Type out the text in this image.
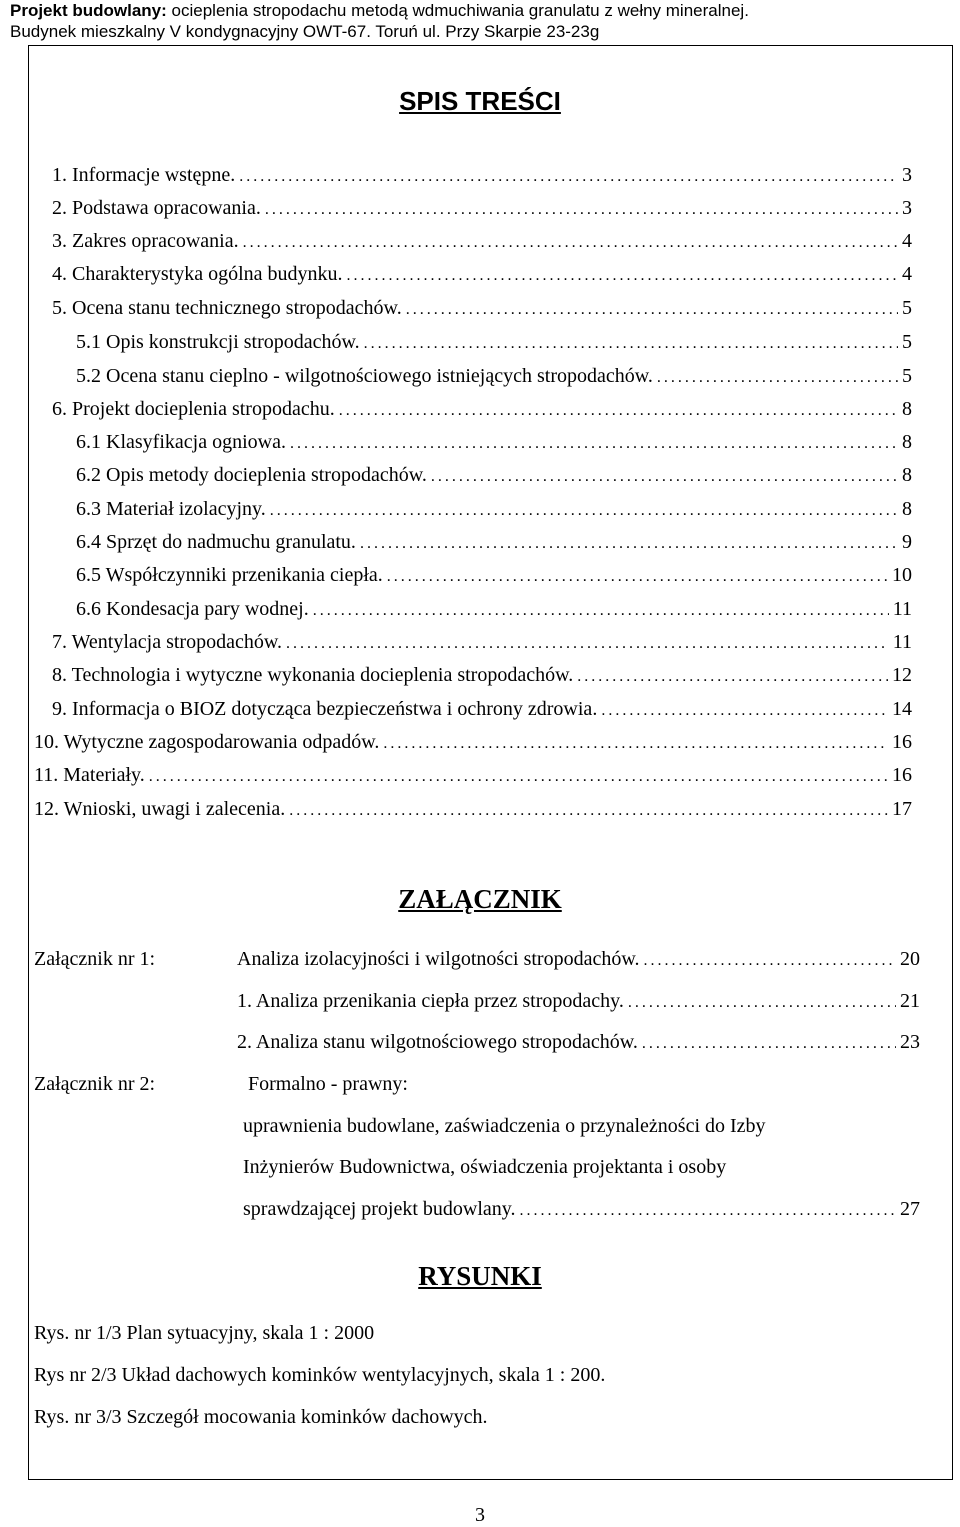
Projekt budowlany: ocieplenia stropodachu metodą wdmuchiwania granulatu z wełny mineralnej.
Budynek mieszkalny V kondygnacyjny OWT-67. Toruń ul. Przy Skarpie 23-23g
SPIS TREŚCI
1. Informacje wstępne. .....	3
2. Podstawa opracowania. .....	3
3. Zakres opracowania. .....	4
4. Charakterystyka ogólna budynku. .....	4
5. Ocena stanu technicznego stropodachów. .....	5
5.1 Opis konstrukcji stropodachów. .....	5
5.2 Ocena stanu cieplno - wilgotnościowego istniejących stropodachów. .....	5
6. Projekt docieplenia stropodachu. .....	8
6.1 Klasyfikacja ogniowa. .....	8
6.2 Opis metody docieplenia stropodachów. .....	8
6.3 Materiał izolacyjny. .....	8
6.4 Sprzęt do nadmuchu granulatu. .....	9
6.5 Współczynniki przenikania ciepła. .....	10
6.6 Kondesacja pary wodnej. .....	11
7. Wentylacja stropodachów. .....	11
8. Technologia i wytyczne wykonania docieplenia stropodachów. .....	12
9. Informacja o BIOZ dotycząca bezpieczeństwa i ochrony zdrowia. .....	14
10. Wytyczne zagospodarowania odpadów. .....	16
11. Materiały. .....	16
12. Wnioski, uwagi i zalecenia. .....	17
ZAŁĄCZNIK
Załącznik nr 1:	Analiza izolacyjności i wilgotności stropodachów. .....	20
1. Analiza przenikania ciepła przez stropodachy. .....	21
2. Analiza stanu wilgotnościowego stropodachów. .....	23
Załącznik nr 2:	Formalno - prawny:
uprawnienia budowlane, zaświadczenia o przynależności do Izby
Inżynierów Budownictwa, oświadczenia projektanta i osoby
sprawdzającej projekt budowlany. .....	27
RYSUNKI
Rys. nr 1/3 Plan sytuacyjny, skala 1 : 2000
Rys nr 2/3 Układ dachowych kominków wentylacyjnych, skala 1 : 200.
Rys. nr 3/3 Szczegół mocowania kominków dachowych.
3
